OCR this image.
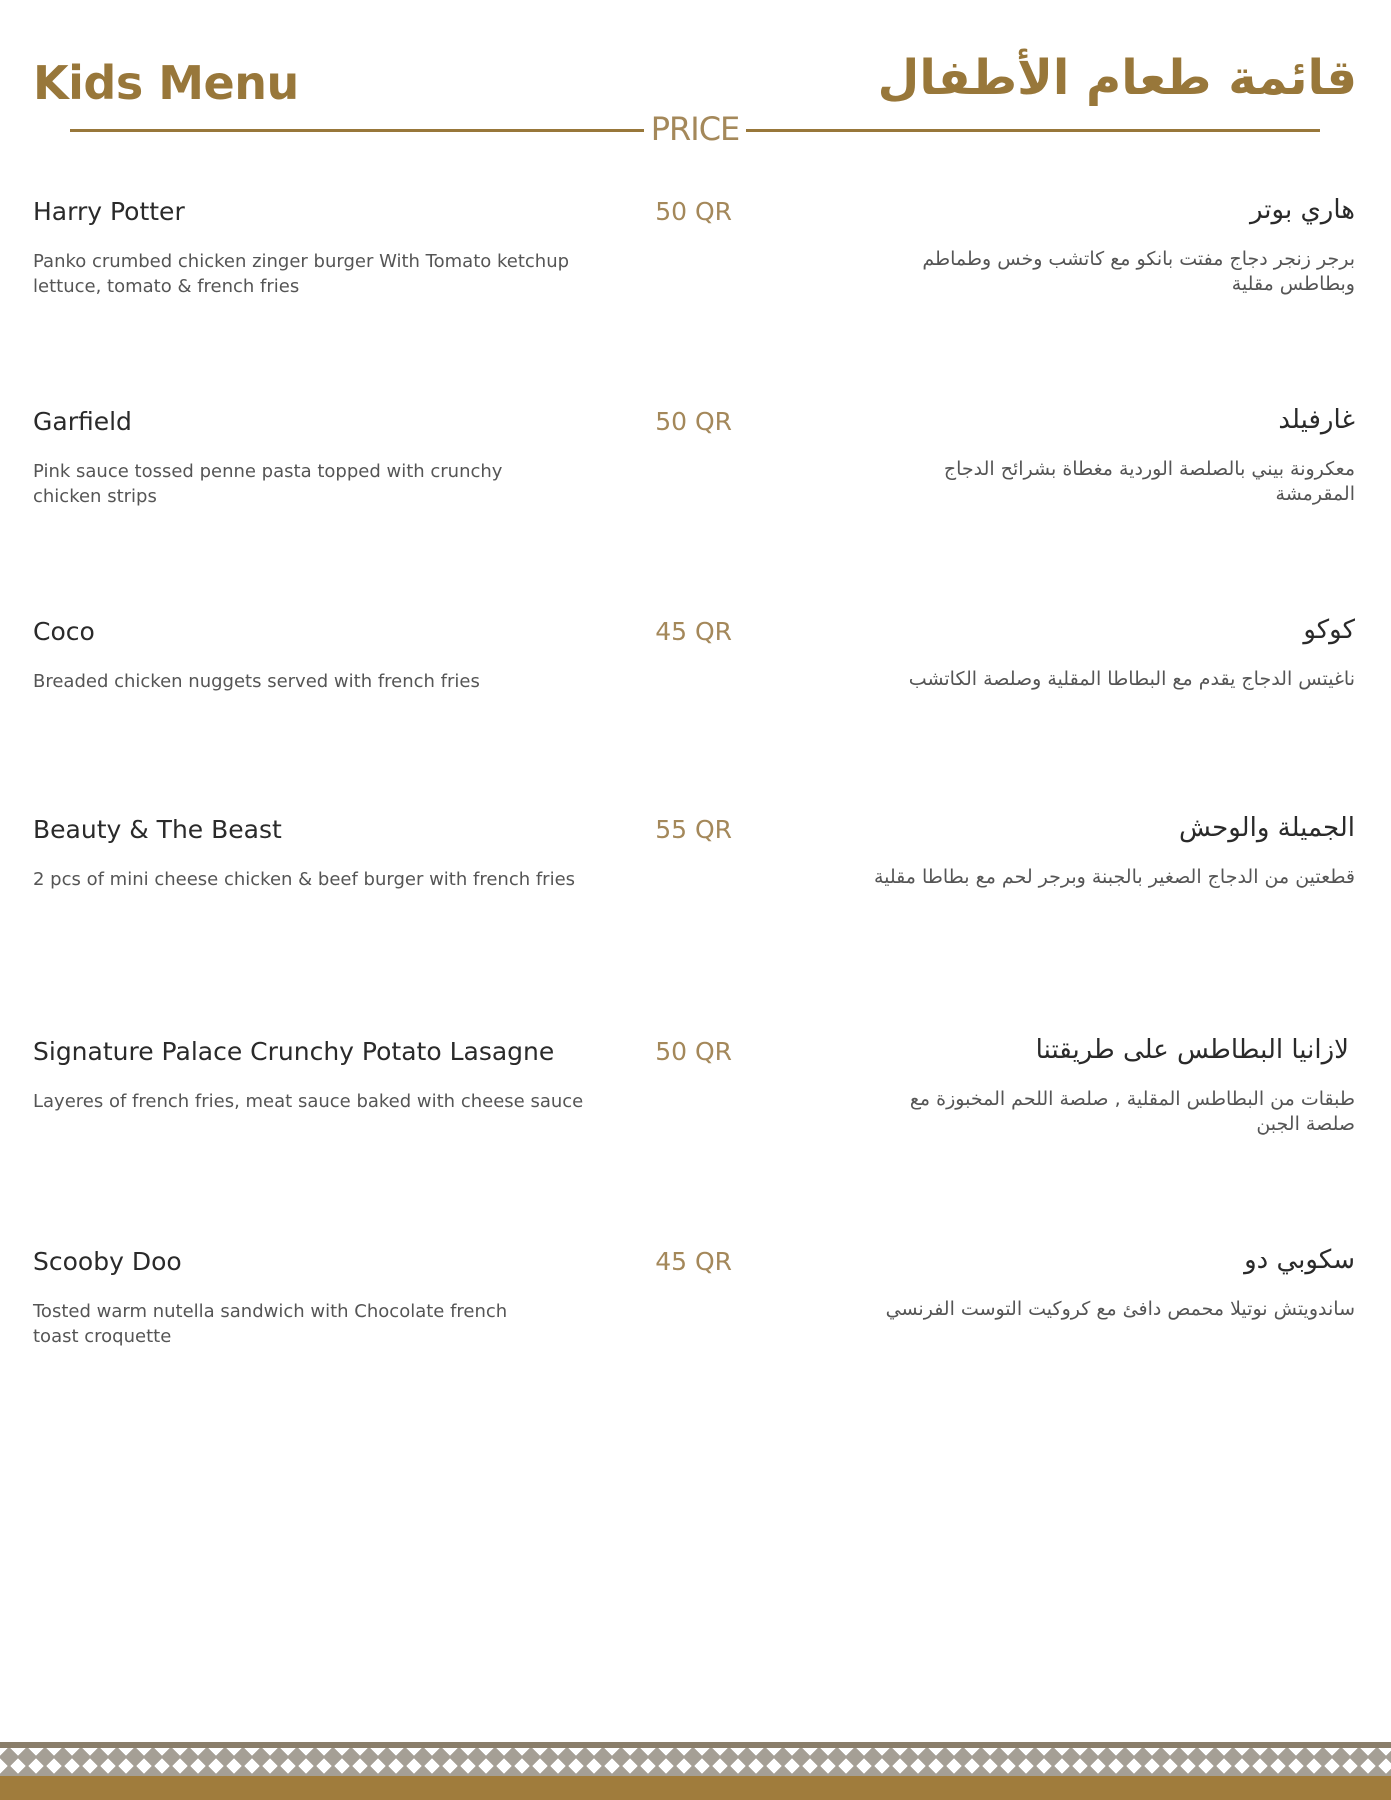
Kids Menu	قائمة طعام الأطفال
PRICE
Harry Potter	50 QR	هاري بوتر
Panko crumbed chicken zinger burger With Tomato ketchup lettuce, tomato & french fries
برجر زنجر دجاج مفتت بانكو مع كاتشب وخس وطماطم وبطاطس مقلية
Garfield	50 QR	غارفيلد
Pink sauce tossed penne pasta topped with crunchy chicken strips
معكرونة بيني بالصلصة الوردية مغطاة بشرائح الدجاج المقرمشة
Coco	45 QR	كوكو
Breaded chicken nuggets served with french fries	ناغيتس الدجاج يقدم مع البطاطا المقلية وصلصة الكاتشب
Beauty & The Beast	55 QR	الجميلة والوحش
2 pcs of mini cheese chicken & beef burger with french fries	قطعتين من الدجاج الصغير بالجبنة وبرجر لحم مع بطاطا مقلية
Signature Palace Crunchy Potato Lasagne	50 QR	لازانيا البطاطس على طريقتنا
Layeres of french fries, meat sauce baked with cheese sauce	طبقات من البطاطس المقلية , صلصة اللحم المخبوزة مع صلصة الجبن
Scooby Doo	45 QR	سكوبي دو
Tosted warm nutella sandwich with Chocolate french toast croquette
ساندويتش نوتيلا محمص دافئ مع كروكيت التوست الفرنسي
